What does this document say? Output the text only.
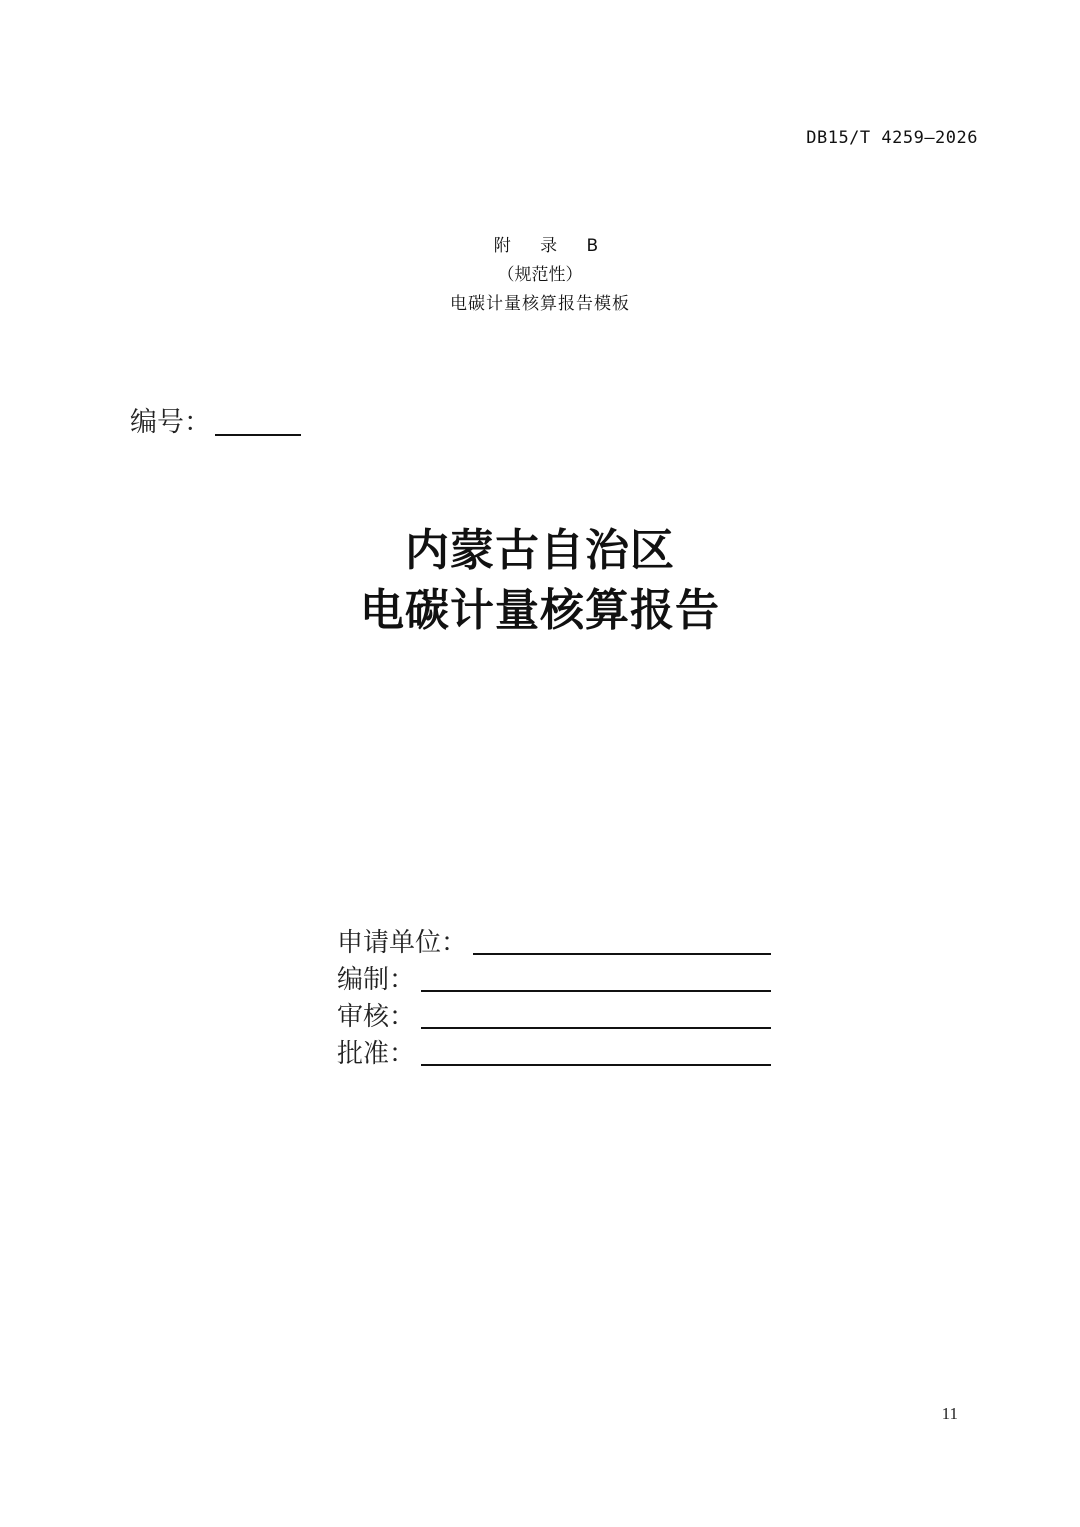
DB15/T 4259—2026
附 录 B
（规范性）
电碳计量核算报告模板
编号：
内蒙古自治区
电碳计量核算报告
申请单位：
编制：
审核：
批准：
11
